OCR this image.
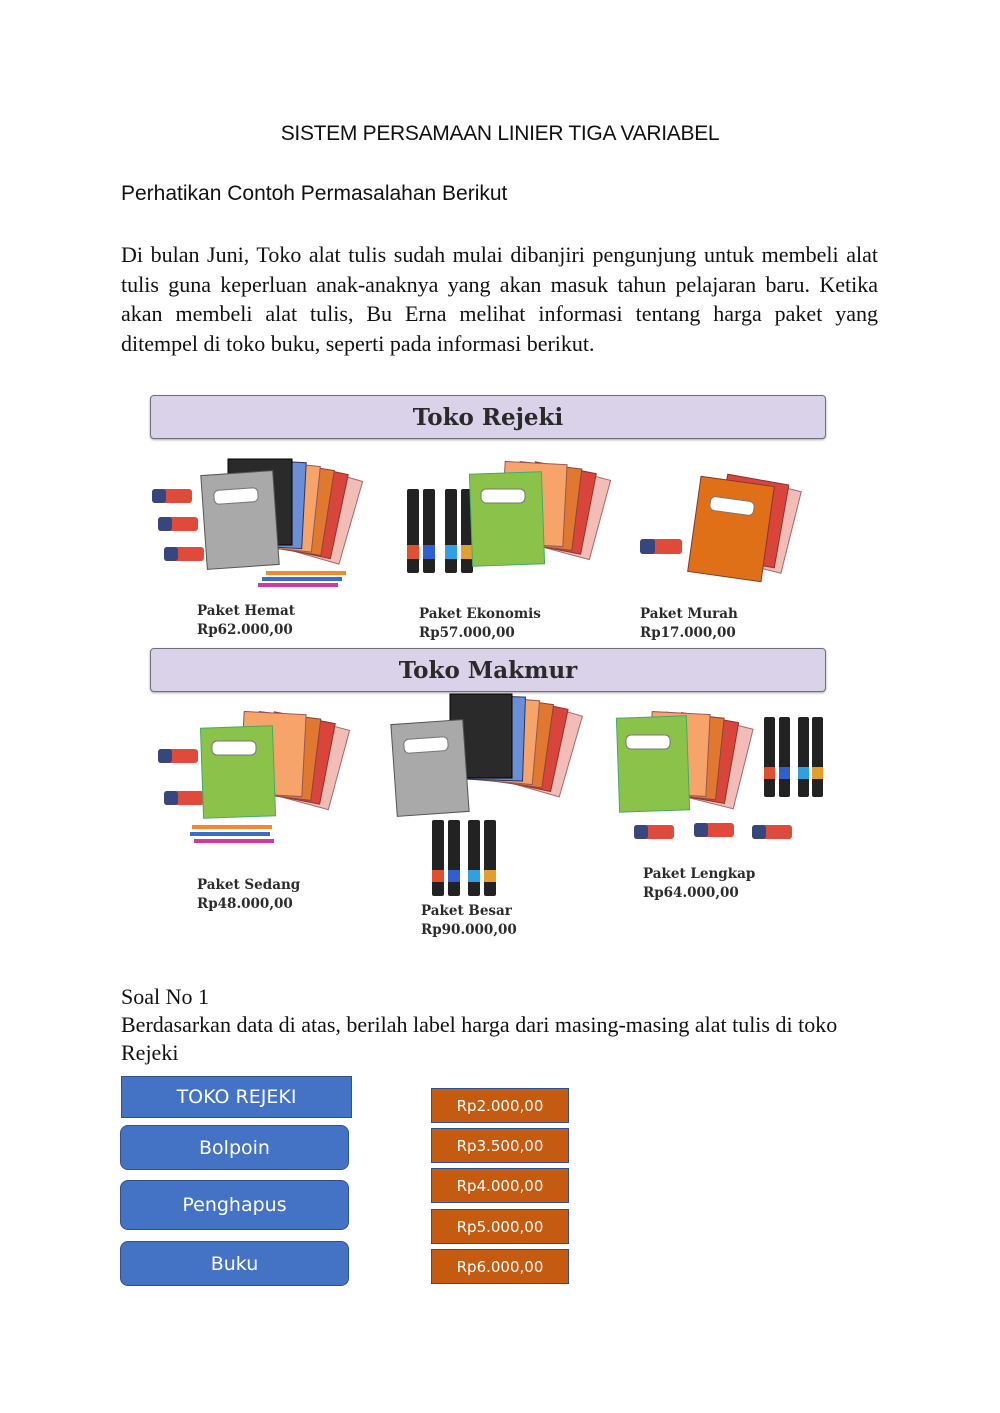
SISTEM PERSAMAAN LINIER TIGA VARIABEL
Perhatikan Contoh Permasalahan Berikut
Di bulan Juni, Toko alat tulis sudah mulai dibanjiri pengunjung untuk membeli alat tulis guna keperluan anak-anaknya yang akan masuk tahun pelajaran baru. Ketika akan membeli alat tulis, Bu Erna melihat informasi tentang harga paket yang ditempel di toko buku, seperti pada informasi berikut.
Toko Rejeki
Paket Hemat
Rp62.000,00
Paket Ekonomis
Rp57.000,00
Paket Murah
Rp17.000,00
Toko Makmur
Paket Sedang
Rp48.000,00	Paket Besar
Rp90.000,00
Paket Lengkap
Rp64.000,00
Soal No 1
Berdasarkan data di atas, berilah label harga dari masing-masing alat tulis di toko Rejeki
TOKO REJEKI
Bolpoin
Penghapus
Buku
Rp2.000,00
Rp3.500,00
Rp4.000,00
Rp5.000,00
Rp6.000,00
